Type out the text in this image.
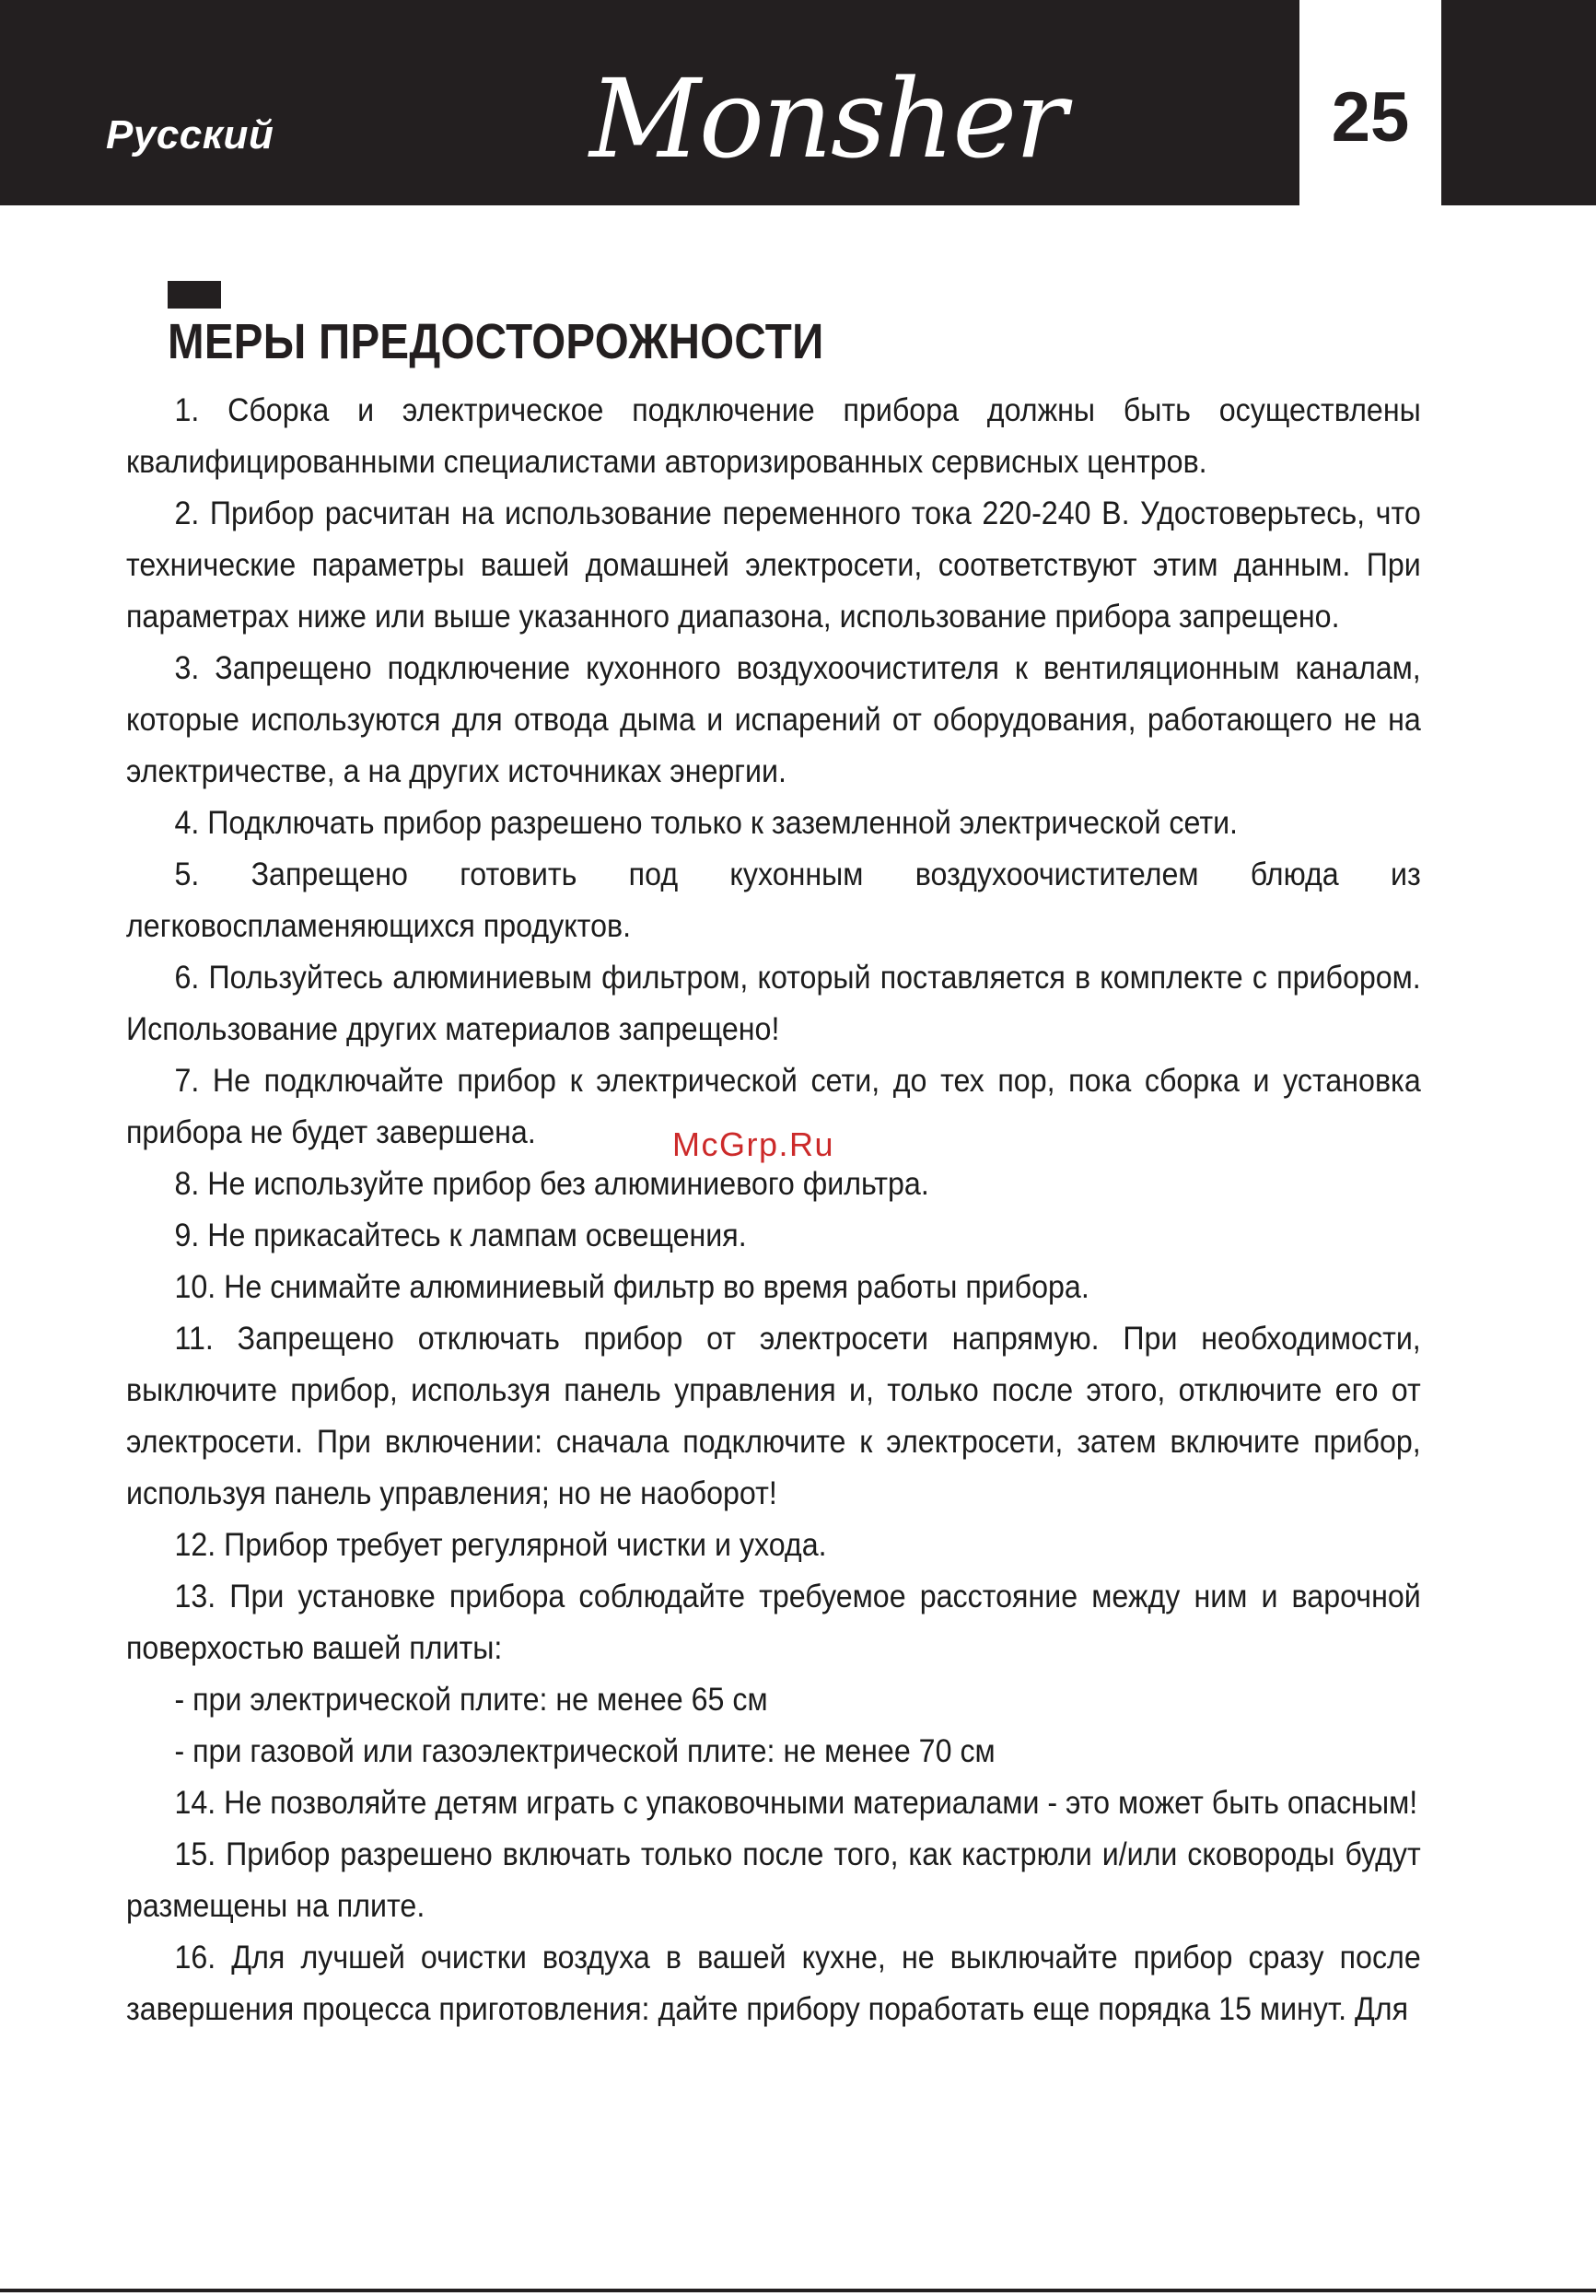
Русский	Monsher	25
МЕРЫ ПРЕДОСТОРОЖНОСТИ

1. Сборка и электрическое подключение прибора должны быть осуществлены квалифицированными специалистами авторизированных сервисных центров.

2. Прибор расчитан на использование переменного тока 220-240 В. Удостоверьтесь, что технические параметры вашей домашней электросети, соответствуют этим данным. При параметрах ниже или выше указанного диапазона, использование прибора запрещено.

3. Запрещено подключение кухонного воздухоочистителя к вентиляционным каналам, которые используются для отвода дыма и испарений от оборудования, работающего не на электричестве, а на других источниках энергии.

4. Подключать прибор разрешено только к заземленной электрической сети.

5. Запрещено готовить под кухонным воздухоочистителем блюда из легковоспламеняющихся продуктов.

6. Пользуйтесь алюминиевым фильтром, который поставляется в комплекте с прибором. Использование других материалов запрещено!

7. Не подключайте прибор к электрической сети, до тех пор, пока сборка и установка прибора не будет завершена.

8. Не используйте прибор без алюминиевого фильтра.

9. Не прикасайтесь к лампам освещения.

10. Не снимайте алюминиевый фильтр во время работы прибора.

11. Запрещено отключать прибор от электросети напрямую. При необходимости, выключите прибор, используя панель управления и, только после этого, отключите его от электросети. При включении: сначала подключите к электросети, затем включите прибор, используя панель управления; но не наоборот!

12. Прибор требует регулярной чистки и ухода.

13. При установке прибора соблюдайте требуемое расстояние между ним и варочной поверхостью вашей плиты:

- при электрической плите: не менее 65 см

- при газовой или газоэлектрической плите: не менее 70 см

14. Не позволяйте детям играть с упаковочными материалами - это может быть опасным!

15. Прибор разрешено включать только после того, как кастрюли и/или сковороды будут размещены на плите.

16. Для лучшей очистки воздуха в вашей кухне, не выключайте прибор сразу после завершения процесса приготовления: дайте прибору поработать еще порядка 15 минут. Для

McGrp.Ru
